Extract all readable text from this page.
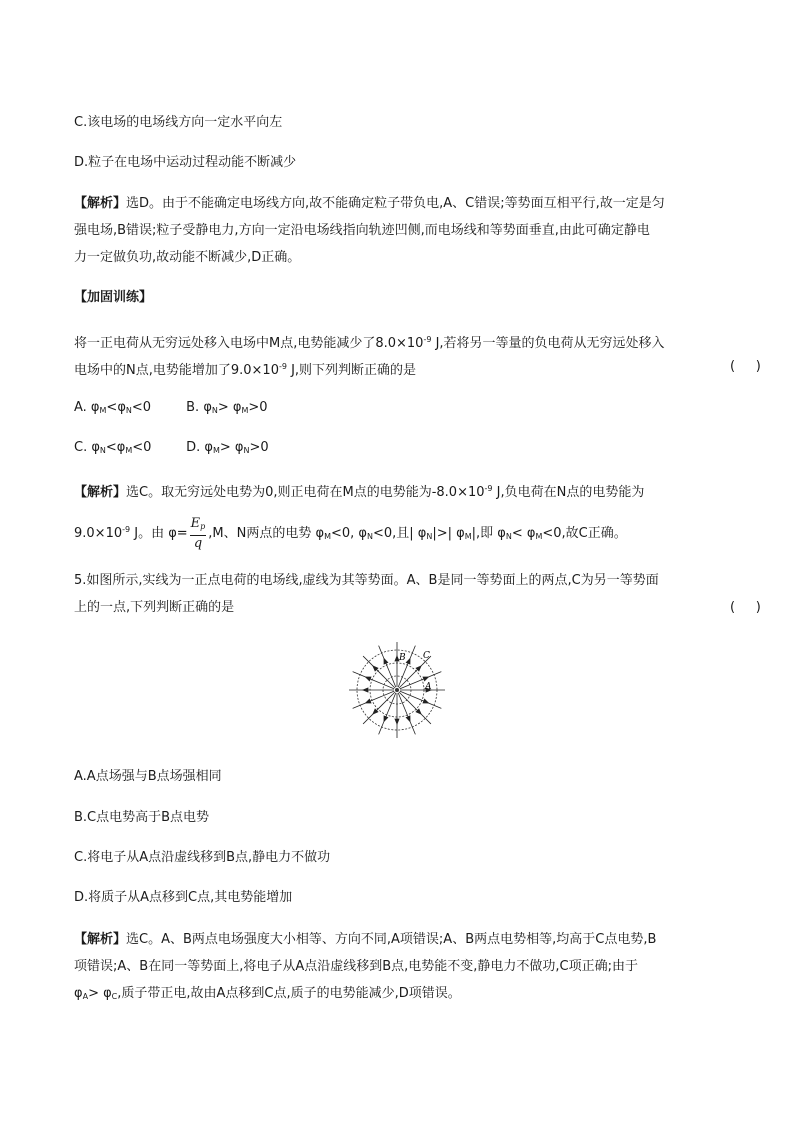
C.该电场的电场线方向一定水平向左
D.粒子在电场中运动过程动能不断减少
【解析】选D。由于不能确定电场线方向,故不能确定粒子带负电,A、C错误;等势面互相平行,故一定是匀
强电场,B错误;粒子受静电力,方向一定沿电场线指向轨迹凹侧,而电场线和等势面垂直,由此可确定静电
力一定做负功,故动能不断减少,D正确。
【加固训练】
将一正电荷从无穷远处移入电场中M点,电势能减少了$8.0\times 10^{-9}$ J,若将另一等量的负电荷从无穷远处移入
电场中的N点,电势能增加了$9.0\times 10^{-9}$ J,则下列判断正确的是	(     )
A. $\varphi_M<\varphi_N<0$	B. $\varphi_N> \varphi_M>0$
C. $\varphi_N<\varphi_M<0$	D. $\varphi_M> \varphi_N>0$
【解析】选C。取无穷远处电势为0,则正电荷在M点的电势能为$-8.0\times 10^{-9}$ J,负电荷在N点的电势能为
$9.0\times 10^{-9}$ J。由 $\varphi= \frac{E_p}{q} ,M$、N两点的电势 $\varphi_M<0$, $\varphi_N<0$,且| $\varphi_N|>|$ $\varphi_M|$,即 $\varphi_N< \varphi_M<0$,故C正确。
5.如图所示,实线为一正点电荷的电场线,虚线为其等势面。A、B是同一等势面上的两点,C为另一等势面
上的一点,下列判断正确的是	(     )
B C
A
A.A点场强与B点场强相同
B.C点电势高于B点电势
C.将电子从A点沿虚线移到B点,静电力不做功
D.将质子从A点移到C点,其电势能增加
【解析】选C。A、B两点电场强度大小相等、方向不同,A项错误;A、B两点电势相等,均高于C点电势,B
项错误;A、B在同一等势面上,将电子从A点沿虚线移到B点,电势能不变,静电力不做功,C项正确;由于
$\varphi_A> \varphi_C$,质子带正电,故由A点移到C点,质子的电势能减少,D项错误。
